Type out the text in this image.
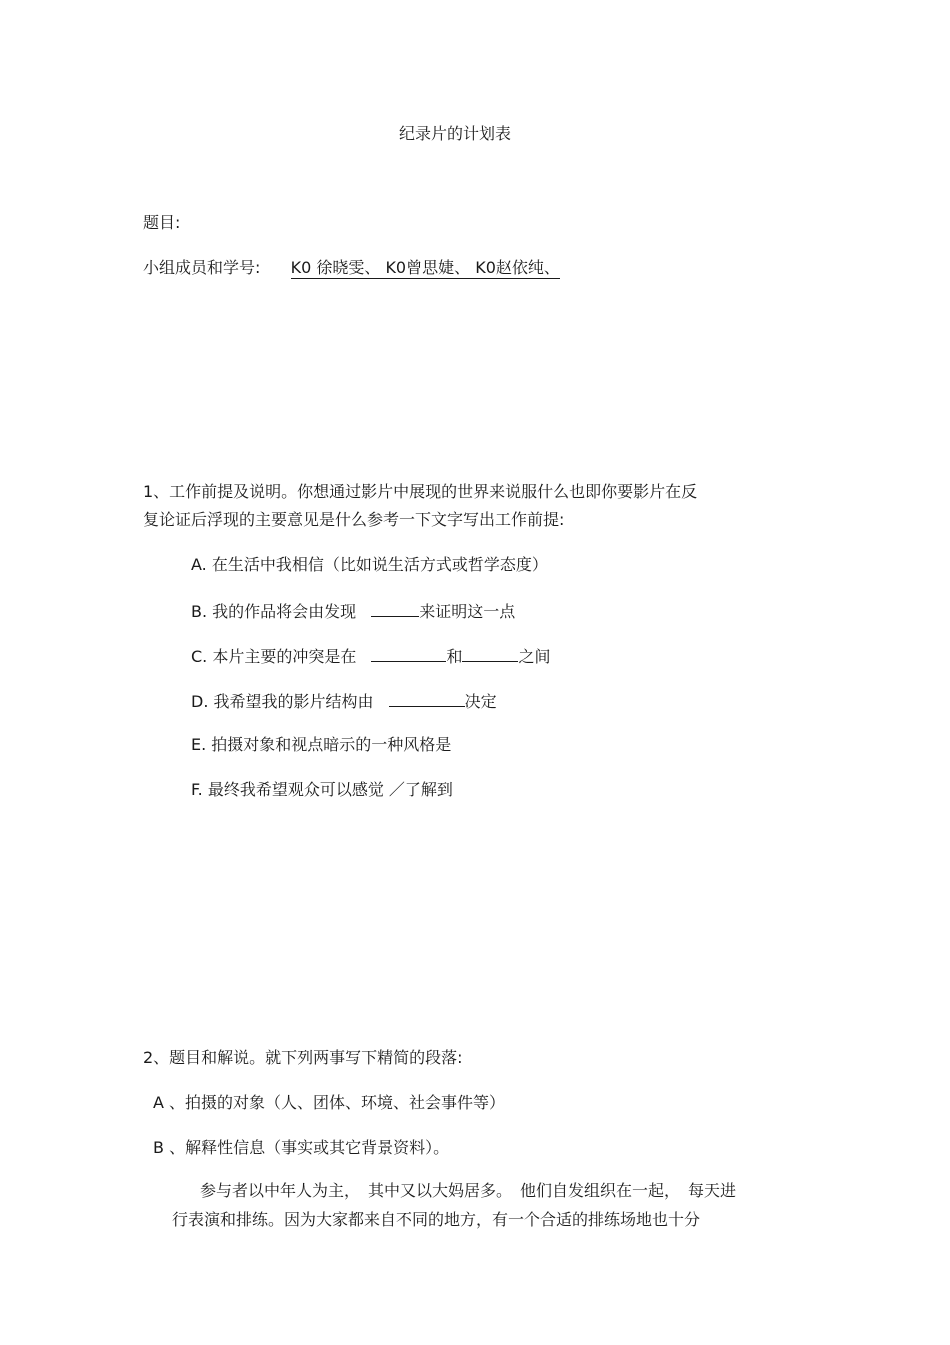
纪录片的计划表
题目:
小组成员和学号: K0 徐晓雯、 K0曾思婕、 K0赵依纯、
1、工作前提及说明。你想通过影片中展现的世界来说服什么也即你要影片在反
复论证后浮现的主要意见是什么参考一下文字写出工作前提:
A. 在生活中我相信（比如说生活方式或哲学态度）
B. 我的作品将会由发现	来证明这一点
C. 本片主要的冲突是在	和	之间
D. 我希望我的影片结构由	决定
E. 拍摄对象和视点暗示的一种风格是
F. 最终我希望观众可以感觉 ／了解到
2、题目和解说。就下列两事写下精简的段落:
A 、拍摄的对象（人、团体、环境、社会事件等）
B 、解释性信息（事实或其它背景资料）。
参与者以中年人为主，　其中又以大妈居多。　他们自发组织在一起，　每天进
行表演和排练。因为大家都来自不同的地方，有一个合适的排练场地也十分
